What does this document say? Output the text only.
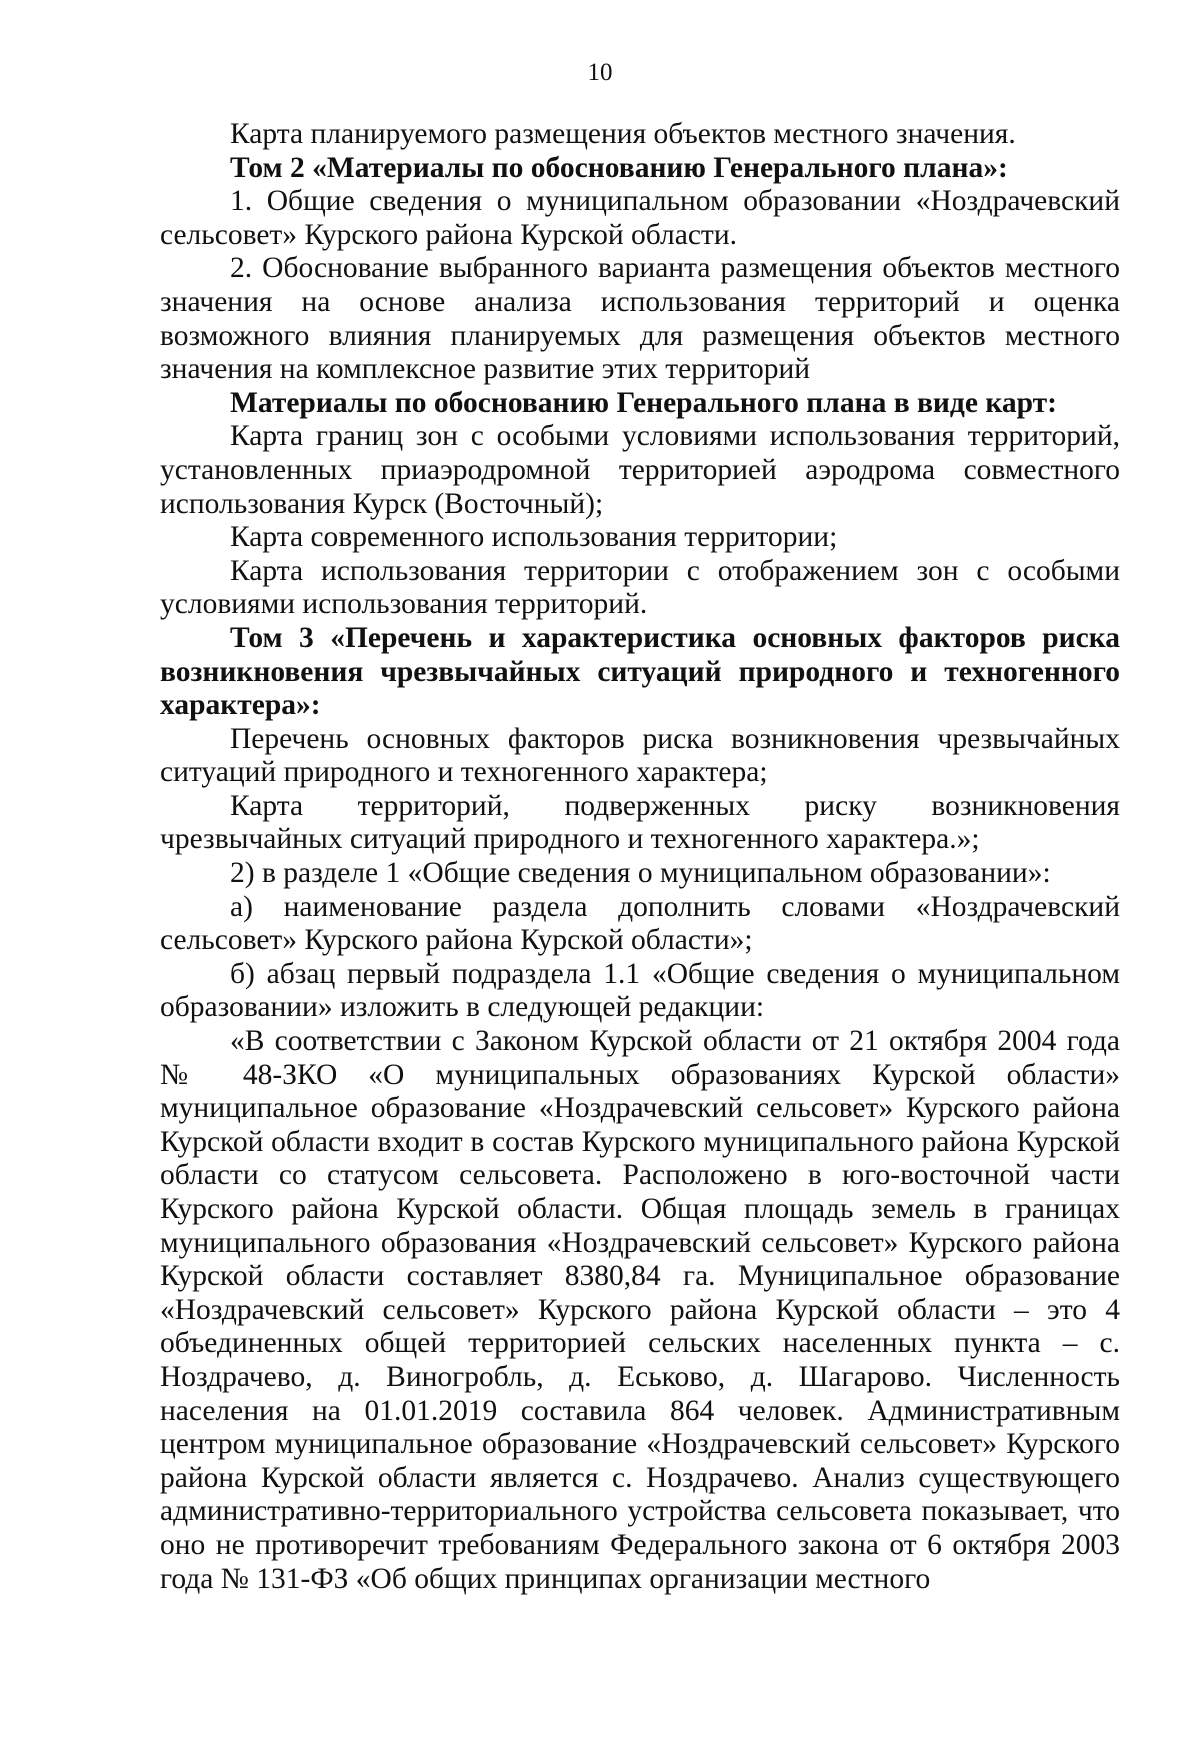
10

Карта планируемого размещения объектов местного значения.

Том 2 «Материалы по обоснованию Генерального плана»:

1. Общие сведения о муниципальном образовании «Ноздрачевский сельсовет» Курского района Курской области.

2. Обоснование выбранного варианта размещения объектов местного значения на основе анализа использования территорий и оценка возможного влияния планируемых для размещения объектов местного значения на комплексное развитие этих территорий

Материалы по обоснованию Генерального плана в виде карт:

Карта границ зон с особыми условиями использования территорий, установленных приаэродромной территорией аэродрома совместного использования Курск (Восточный);

Карта современного использования территории;

Карта использования территории с отображением зон с особыми условиями использования территорий.

Том 3 «Перечень и характеристика основных факторов риска возникновения чрезвычайных ситуаций природного и техногенного характера»:

Перечень основных факторов риска возникновения чрезвычайных ситуаций природного и техногенного характера;

Карта территорий, подверженных риску возникновения чрезвычайных ситуаций природного и техногенного характера.»;

2) в разделе 1 «Общие сведения о муниципальном образовании»:

а) наименование раздела дополнить словами «Ноздрачевский сельсовет» Курского района Курской области»;

б) абзац первый подраздела 1.1 «Общие сведения о муниципальном образовании» изложить в следующей редакции:

«В соответствии с Законом Курской области от 21 октября 2004 года № 48-ЗКО «О муниципальных образованиях Курской области» муниципальное образование «Ноздрачевский сельсовет» Курского района Курской области входит в состав Курского муниципального района Курской области со статусом сельсовета. Расположено в юго-восточной части Курского района Курской области. Общая площадь земель в границах муниципального образования «Ноздрачевский сельсовет» Курского района Курской области составляет 8380,84 га. Муниципальное образование «Ноздрачевский сельсовет» Курского района Курской области – это 4 объединенных общей территорией сельских населенных пункта – с. Ноздрачево, д. Виногробль, д. Еськово, д. Шагарово. Численность населения на 01.01.2019 составила 864 человек. Административным центром муниципальное образование «Ноздрачевский сельсовет» Курского района Курской области является с. Ноздрачево. Анализ существующего административно-территориального устройства сельсовета показывает, что оно не противоречит требованиям Федерального закона от 6 октября 2003 года № 131-ФЗ «Об общих принципах организации местного
